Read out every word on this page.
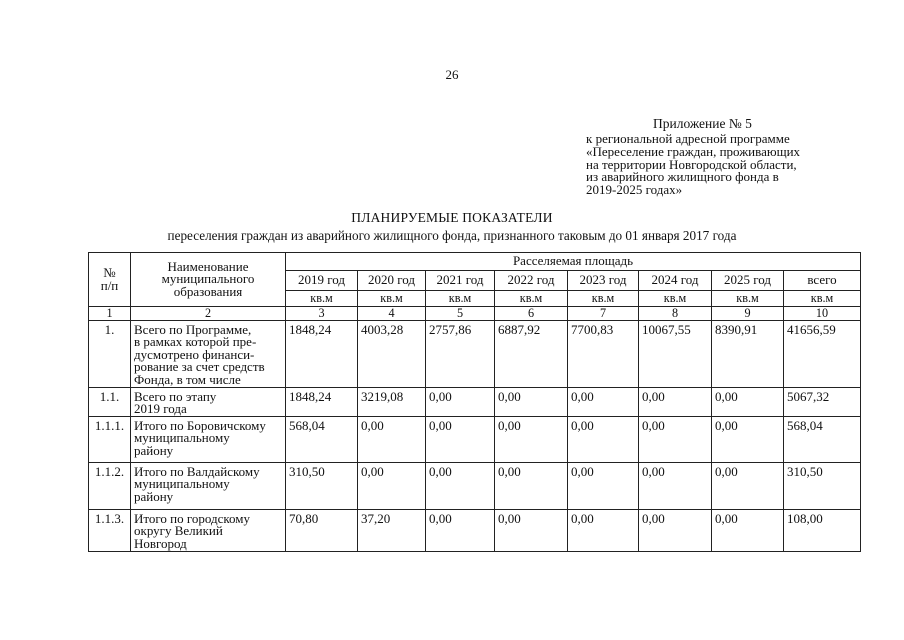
26
Приложение № 5
к региональной адресной программе
«Переселение граждан, проживающих
на территории Новгородской области,
из аварийного жилищного фонда в
2019-2025 годах»
ПЛАНИРУЕМЫЕ ПОКАЗАТЕЛИ
переселения граждан из аварийного жилищного фонда, признанного таковым до 01 января 2017 года
№
п/п	Наименование
муниципального
образования	Расселяемая площадь							
		2019 год	2020 год	2021 год	2022 год	2023 год	2024 год	2025 год	всего
		кв.м	кв.м	кв.м	кв.м	кв.м	кв.м	кв.м	кв.м
1	2	3	4	5	6	7	8	9	10
1.	Всего по Программе,
в рамках которой пре-
дусмотрено финанси-
рование за счет средств
Фонда, в том числе	1848,24	4003,28	2757,86	6887,92	7700,83	10067,55	8390,91	41656,59
1.1.	Всего по этапу
2019 года	1848,24	3219,08	0,00	0,00	0,00	0,00	0,00	5067,32
1.1.1.	Итого по Боровичскому
муниципальному
району	568,04	0,00	0,00	0,00	0,00	0,00	0,00	568,04
1.1.2.	Итого по Валдайскому
муниципальному
району	310,50	0,00	0,00	0,00	0,00	0,00	0,00	310,50
1.1.3.	Итого по городскому
округу Великий
Новгород	70,80	37,20	0,00	0,00	0,00	0,00	0,00	108,00
